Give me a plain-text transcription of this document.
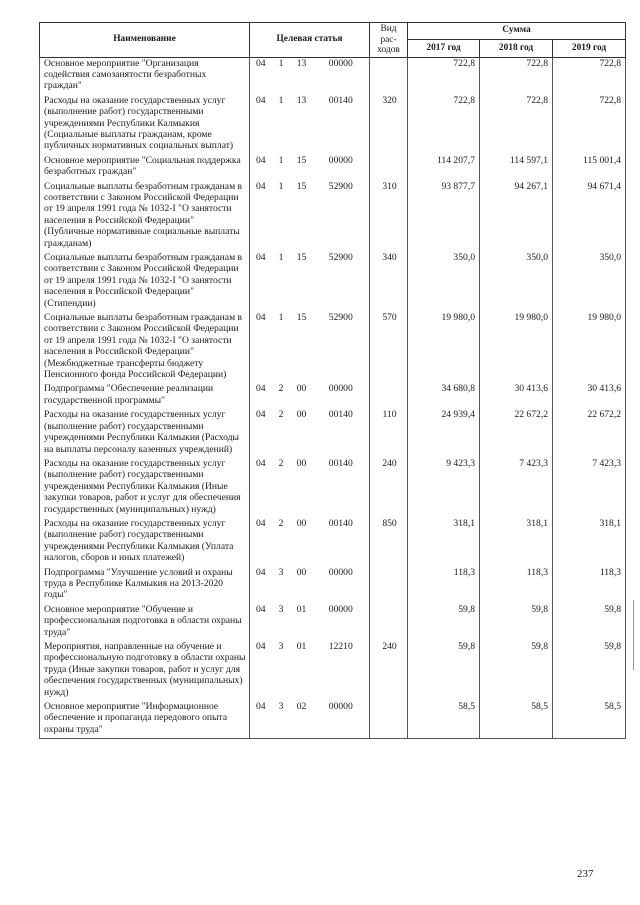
Наименование	Целевая статья				Вид рас-ходов	Сумма		
						2017 год	2018 год	2019 год
Основное мероприятие "Организация содействия самозанятости безработных граждан"	04	1	13	00000		722,8	722,8	722,8
Расходы на оказание государственных услуг (выполнение работ) государственными учреждениями Республики Калмыкия (Социальные выплаты гражданам, кроме публичных нормативных социальных выплат)	04	1	13	00140	320	722,8	722,8	722,8
Основное мероприятие "Социальная поддержка безработных граждан"	04	1	15	00000		114 207,7	114 597,1	115 001,4
Социальные выплаты безработным гражданам в соответствии с Законом Российской Федерации от 19 апреля 1991 года № 1032-I "О занятости населения в Российской Федерации" (Публичные нормативные социальные выплаты гражданам)	04	1	15	52900	310	93 877,7	94 267,1	94 671,4
Социальные выплаты безработным гражданам в соответствии с Законом Российской Федерации от 19 апреля 1991 года № 1032-I "О занятости населения в Российской Федерации" (Стипендии)	04	1	15	52900	340	350,0	350,0	350,0
Социальные выплаты безработным гражданам в соответствии с Законом Российской Федерации от 19 апреля 1991 года № 1032-I "О занятости населения в Российской Федерации" (Межбюджетные трансферты бюджету Пенсионного фонда Российской Федерации)	04	1	15	52900	570	19 980,0	19 980,0	19 980,0
Подпрограмма "Обеспечение реализации государственной программы"	04	2	00	00000		34 680,8	30 413,6	30 413,6
Расходы на оказание государственных услуг (выполнение работ) государственными учреждениями Республики Калмыкия (Расходы на выплаты персоналу казенных учреждений)	04	2	00	00140	110	24 939,4	22 672,2	22 672,2
Расходы на оказание государственных услуг (выполнение работ) государственными учреждениями Республики Калмыкия (Иные закупки товаров, работ и услуг для обеспечения государственных (муниципальных) нужд)	04	2	00	00140	240	9 423,3	7 423,3	7 423,3
Расходы на оказание государственных услуг (выполнение работ) государственными учреждениями Республики Калмыкия (Уплата налогов, сборов и иных платежей)	04	2	00	00140	850	318,1	318,1	318,1
Подпрограмма "Улучшение условий и охраны труда в Республике Калмыкия на 2013-2020 годы"	04	3	00	00000		118,3	118,3	118,3
Основное мероприятие "Обучение и профессиональная подготовка в области охраны труда"	04	3	01	00000		59,8	59,8	59,8
Мероприятия, направленные на обучение и профессиональную подготовку в области охраны труда (Иные закупки товаров, работ и услуг для обеспечения государственных (муниципальных) нужд)	04	3	01	12210	240	59,8	59,8	59,8
Основное мероприятие "Информационное обеспечение и пропаганда передового опыта охраны труда"	04	3	02	00000		58,5	58,5	58,5
237
